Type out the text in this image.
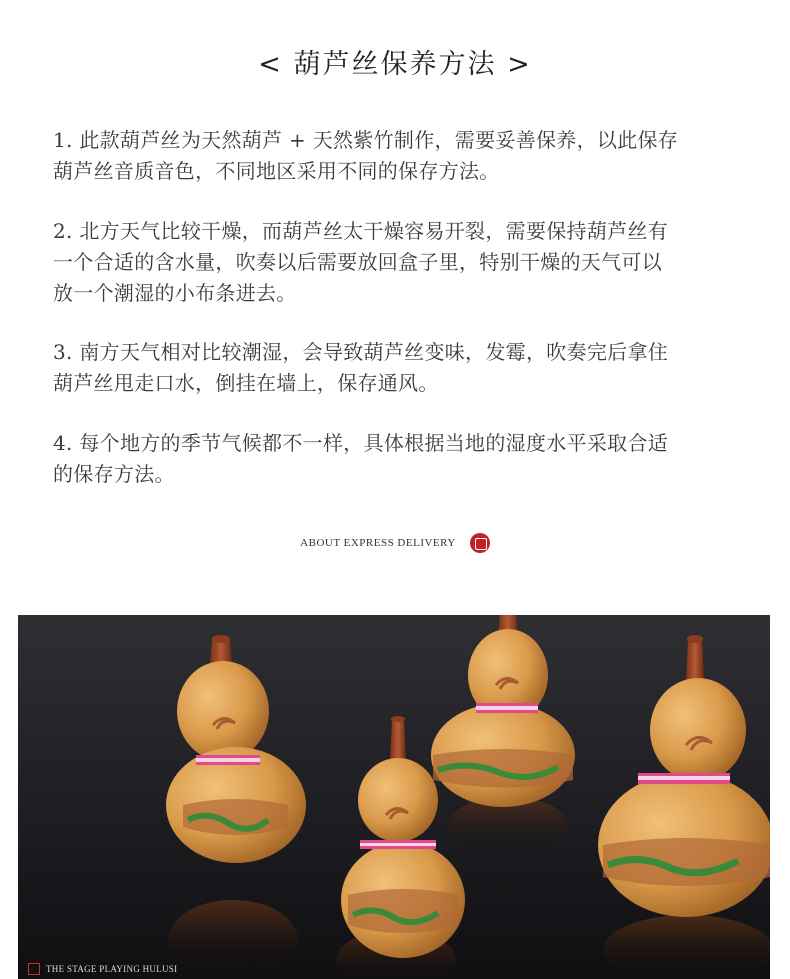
< 葫芦丝保养方法 >
1. 此款葫芦丝为天然葫芦 + 天然紫竹制作，需要妥善保养，以此保存
葫芦丝音质音色，不同地区采用不同的保存方法。
2. 北方天气比较干燥，而葫芦丝太干燥容易开裂，需要保持葫芦丝有
一个合适的含水量，吹奏以后需要放回盒子里，特别干燥的天气可以
放一个潮湿的小布条进去。
3. 南方天气相对比较潮湿，会导致葫芦丝变味，发霉，吹奏完后拿住
葫芦丝甩走口水，倒挂在墙上，保存通风。
4. 每个地方的季节气候都不一样，具体根据当地的湿度水平采取合适
的保存方法。
ABOUT EXPRESS DELIVERY
THE STAGE PLAYING HULUSI
